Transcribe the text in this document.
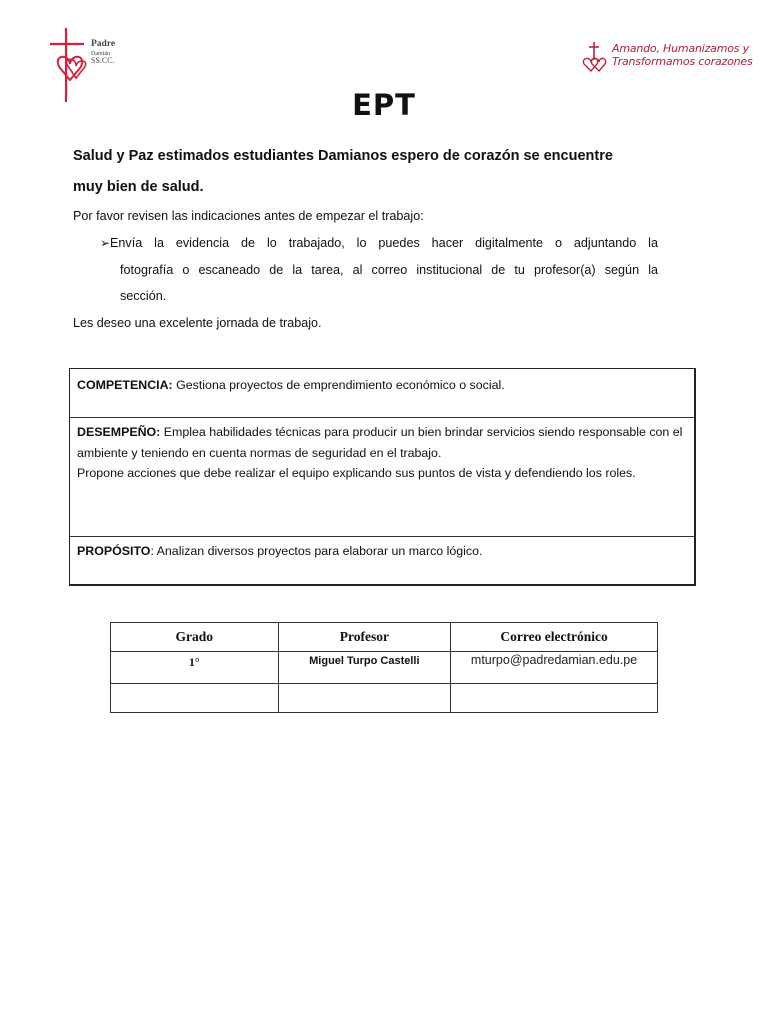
Padre
Damián
SS.CC.
Amando, Humanizamos y
Transformamos corazones
EPT
Salud y Paz estimados estudiantes Damianos espero de corazón se encuentre
muy bien de salud.
Por favor revisen las indicaciones antes de empezar el trabajo:
➢ Envía la evidencia de lo trabajado, lo puedes hacer digitalmente o adjuntando la
fotografía o escaneado de la tarea, al correo institucional de tu profesor(a) según la
sección.
Les deseo una excelente jornada de trabajo.
COMPETENCIA: Gestiona proyectos de emprendimiento económico o social.
DESEMPEÑO: Emplea habilidades técnicas para producir un bien brindar servicios siendo responsable con el ambiente y teniendo en cuenta normas de seguridad en el trabajo.
Propone acciones que debe realizar el equipo explicando sus puntos de vista y defendiendo los roles.
PROPÓSITO: Analizan diversos proyectos para elaborar un marco lógico.
Grado	Profesor	Correo electrónico
1°	Miguel Turpo Castelli	mturpo@padredamian.edu.pe
